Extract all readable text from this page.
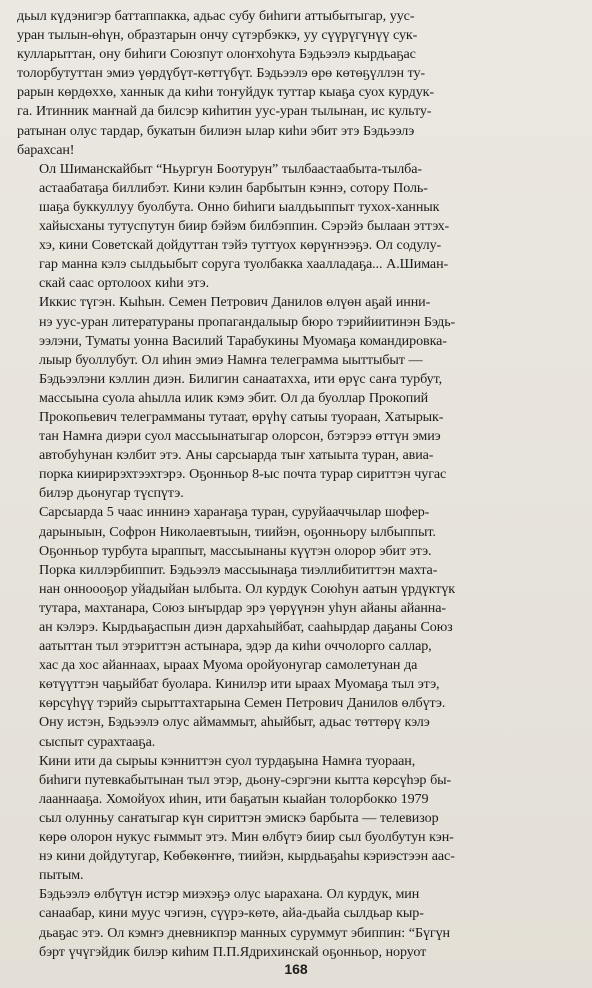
дьыл күдэнигэр баттаппакка, адьас субу биһиги аттыбытыгар, уус-
уран тылын-өһүн, образтарын ончу сүтэрбэккэ, уу сүүрүгүнүү сук-
кулларыттан, ону биһиги Союзпут олоҥхоһута Бэдьээлэ кырдьаҕас
толорбутуттан эмиэ үөрдүбүт-көттүбүт. Бэдьээлэ өрө көтөҕүллэн ту-
рарын көрдөххө, ханнык да киһи тоҥуйдук туттар кыаҕа суох курдук-
га. Итинник маҥнай да билсэр киһитин уус-уран тылынан, ис культу-
ратынан олус тардар, букатын билиэн ылар киһи эбит этэ Бэдьээлэ
барахсан!

Ол Шиманскайбыт “Ньургун Боотурун” тылбаастаабыта-тылба-
астаабатаҕа биллибэт. Кини кэлин барбытын кэннэ, сотору Поль-
шаҕа буккуллуу буолбута. Онно биһиги ыалдьыппыт тухох-ханнык
хайысханы тутуспутун биир бэйэм билбэппин. Сэрэйэ былаан эттэх-
хэ, кини Советскай дойдуттан тэйэ туттуох көрүҥнээҕэ. Ол содулу-
гар манна кэлэ сылдьыбыт соруга туолбакка хаалладаҕа... А.Шиман-
скай саас ортолоох киһи этэ.

Иккис түгэн. Кыһын. Семен Петрович Данилов өлүөн аҕай инни-
нэ уус-уран литератураны пропагандалыыр бюро тэрийиитинэн Бэдь-
ээлэни, Туматы уонна Василий Тарабукины Муомаҕа командировка-
лыыр буоллубут. Ол иһин эмиэ Намҥа телеграмма ыыттыбыт —
Бэдьээлэни кэллин диэн. Билигин санаатахха, ити өрүс саҥа турбут,
массыына суола аһылла илик кэмэ эбит. Ол да буоллар Прокопий
Прокопьевич телеграмманы тутаат, өрүһү сатыы туораан, Хатырык-
тан Намҥа диэри суол массыынатыгар олорсон, бэтэрээ өттүн эмиэ
автобуһунан кэлбит этэ. Аны сарсыарда тыҥ хатыыта туран, авиа-
порка киирирэхтээхтэрэ. Оҕонньор 8-ыс почта турар сириттэн чугас
билэр дьонугар түспүтэ.

Сарсыарда 5 чаас иннинэ хараҥаҕа туран, суруйааччылар шофер-
дарыныын, Софрон Николаевтыын, тиийэн, оҕонньору ылбыппыт.
Оҕонньор турбута ыраппыт, массыынаны күүтэн олорор эбит этэ.
Порка киллэрбиппит. Бэдьээлэ массыынаҕа тиэллибититтэн махта-
нан онноооҕор уйадыйан ылбыта. Ол курдук Союһун аатын үрдүктүк
тутара, махтанара, Союз ыҥырдар эрэ үөрүүнэн уһун айаны айанна-
ан кэлэрэ. Кырдьаҕаспын диэн дархаһыйбат, сааһырдар даҕаны Союз
аатыттан тыл этэриттэн астынара, эдэр да киһи оччолорго саллар,
хас да хос айаннаах, ыраах Муома оройуонугар самолетунан да
көтүүттэн чаҕыйбат буолара. Кинилэр ити ыраах Муомаҕа тыл этэ,
көрсүһүү тэрийэ сырыттахтарына Семен Петрович Данилов өлбүтэ.
Ону истэн, Бэдьээлэ олус аймаммыт, аһыйбыт, адьас төттөрү кэлэ
сыспыт сурахтааҕа.

Кини ити да сырыы кэнниттэн суол турдаҕына Намҥа туораан,
биһиги путевкабытынан тыл этэр, дьону-сэргэни кытта көрсүһэр бы-
лааннааҕа. Хомойуох иһин, ити баҕатын кыайан толорбокко 1979
сыл олунньу саҥатыгар күн сириттэн эмискэ барбыта — телевизор
көрө олорон нукус ғыммыт этэ. Мин өлбүтэ биир сыл буолбутун кэн-
нэ кини дойдутугар, Көбөкөҥҥө, тиийэн, кырдьаҕаһы кэриэстээн аас-
пытым.

Бэдьээлэ өлбүтүн истэр миэхэҕэ олус ыарахана. Ол курдук, мин
санаабар, кини муус чэгиэн, сүүрэ-көтө, айа-дьайа сылдьар кыр-
дьаҕас этэ. Ол кэмҥэ дневникпэр манных суруммут эбиппин: “Бүгүн
бэрт үчүгэйдик билэр киһим П.П.Ядрихинскай оҕонньор, норуот

168
